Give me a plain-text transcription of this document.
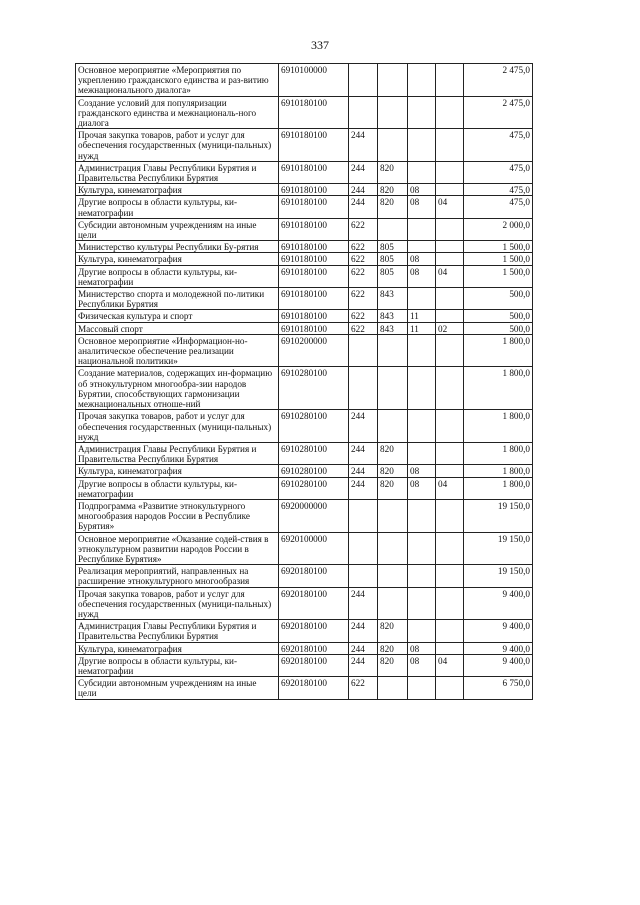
337
Основное мероприятие «Мероприятия по укреплению гражданского единства и раз-витию межнационального диалога»	6910100000					2 475,0
Создание условий для популяризации гражданского единства и межнациональ-ного диалога	6910180100					2 475,0
Прочая закупка товаров, работ и услуг для обеспечения государственных (муници-пальных) нужд	6910180100	244				475,0
Администрация Главы Республики Бурятия и Правительства Республики Бурятия	6910180100	244	820			475,0
Культура, кинематография	6910180100	244	820	08		475,0
Другие вопросы в области культуры, ки-нематографии	6910180100	244	820	08	04	475,0
Субсидии автономным учреждениям на иные цели	6910180100	622				2 000,0
Министерство культуры Республики Бу-рятия	6910180100	622	805			1 500,0
Культура, кинематография	6910180100	622	805	08		1 500,0
Другие вопросы в области культуры, ки-нематографии	6910180100	622	805	08	04	1 500,0
Министерство спорта и молодежной по-литики Республики Бурятия	6910180100	622	843			500,0
Физическая культура и спорт	6910180100	622	843	11		500,0
Массовый спорт	6910180100	622	843	11	02	500,0
Основное мероприятие «Информацион-но-аналитическое обеспечение реализации национальной политики»	6910200000					1 800,0
Создание материалов, содержащих ин-формацию об этнокультурном многообра-зии народов Бурятии, способствующих гармонизации межнациональных отноше-ний	6910280100					1 800,0
Прочая закупка товаров, работ и услуг для обеспечения государственных (муници-пальных) нужд	6910280100	244				1 800,0
Администрация Главы Республики Бурятия и Правительства Республики Бурятия	6910280100	244	820			1 800,0
Культура, кинематография	6910280100	244	820	08		1 800,0
Другие вопросы в области культуры, ки-нематографии	6910280100	244	820	08	04	1 800,0
Подпрограмма «Развитие этнокультурного многообразия народов России в Республике Бурятия»	6920000000					19 150,0
Основное мероприятие «Оказание содей-ствия в этнокультурном развитии народов России в Республике Бурятия»	6920100000					19 150,0
Реализация мероприятий, направленных на расширение этнокультурного многообразия	6920180100					19 150,0
Прочая закупка товаров, работ и услуг для обеспечения государственных (муници-пальных) нужд	6920180100	244				9 400,0
Администрация Главы Республики Бурятия и Правительства Республики Бурятия	6920180100	244	820			9 400,0
Культура, кинематография	6920180100	244	820	08		9 400,0
Другие вопросы в области культуры, ки-нематографии	6920180100	244	820	08	04	9 400,0
Субсидии автономным учреждениям на иные цели	6920180100	622				6 750,0
